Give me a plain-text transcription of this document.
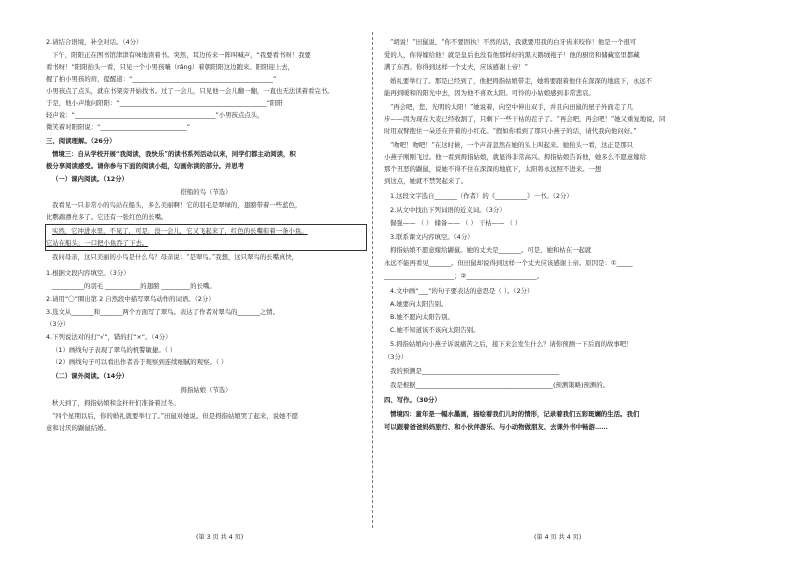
2.请结合语境，补全对话。（4分）
下午，阳阳正在图书馆津津有味地读着书。突然，耳边传来一阵叫喊声，“我要看书呀！我要
看书呀！”阳阳抬头一看，只见一个小男孩嚷（rǎng）着朝阳阳这边跑来。阳阳迎上去，
握了拍小男孩的肩，提醒道：“____________________________________________”
小男孩点了点头，就在书架旁开始找书。过了一会儿，只见他一会儿翻一翻，一直也无法读着看完书。
于是，他小声地问阳阳：“______________________________________________”阳阳
轻声说：“____________________________________________”小男孩点点头，
微笑着对阳阳说：“___________________________”
三、阅读理解。（26分）
情境三：自从学校开展“我阅读，我快乐”的读书系列活动以来，同学们都主动阅读，积
极分享阅读感受。请你参与下面的阅读小组，勾画你读的部分。并思考
（一）课内阅读。（12分）
搭船的鸟（节选）
我看见一只非常小的鸟站在船头，多么美丽啊！它的羽毛是翠绿的，翅膀带着一些蓝色，
比鹦鹉漂亮多了。它还有一张红色的长嘴。
实然，它冲进水里，不见了，可是，没一会儿，它又飞起来了，红色的长嘴衔着一条小鱼。
它站在船头，一口把小鱼吞了下去。
我问母亲，这只美丽的小鸟是什么鸟？母亲说：“是翠鸟。”我想，这只翠鸟的长嘴真快，
1.根据文段内容填空。（3分）
__________的羽毛 ___________的翅膀 _________的长嘴。
2.请用“〇”圈出第 2 自然段中描写翠鸟动作的词语。（2分）
3.选文从_______和_______两个方面写了翠鸟。表达了作者对翠鸟的_______之情。
（3分）
4.下列说法对的打“√”，错的打“×”。（4分）
（1）画线句子表现了翠鸟的机警敏捷。（ ）
（2）画线句子可以看出作者善于观察到连续细腻的观察。（ ）
（二）课外阅读。（14分）
拇指姑娘（节选）
秋天到了，拇指姑娘和金秆秆们准备着过冬。
“四个星期以后，你的婚礼就要举行了。”田鼠对她说。但是拇指姑娘哭了起来，说她不愿
意和讨厌的鼹鼠结婚。
“胡说！”田鼠说，“你不要固执！不然的话，我就要用我的白牙齿来咬你！他是一个很可
爱的人，你得嫁给他！就是皇后也没有他那样好的黑天鹅绒袍子！他的厨房和储藏室里都藏
满了东西。你得到这样一个丈夫，应该感谢上帝！”
婚礼要举行了。那是已经到了，他把拇指姑娘带走，她将要跟着他住在深深的地底下，永远不
能再到暖和的阳光中去，因为他不喜欢太阳。可怜的小姑娘感到非常悲哀。
“再会吧，您，光明的太阳！”她说着，向空中伸出双手，并且向田鼠的屋子外面走了几
步——因为现在大麦已经收割了，只剩下一些干枯的茬子了。“再会吧，再会吧！”她又重复地说，同
时用双臂抱住一朵还在开着的小红花。“假如你看到了那只小燕子的话，请代我向他问好。”
“吻吧！吻吧！”在这时候，一个声音忽然在她的头上叫起来。她抬头一看，这正是那只
小燕子刚刚飞过。他一看到拇指姑娘，就显得非常高兴。拇指姑娘告诉他，她多么不愿意嫁给
那个丑恶的鼹鼠，说她不得不住在深深的地底下，太阳将永远照不进来。一想
到这点，她就不禁哭起来了。
1.这段文字选自_______（作者）的《__________》一书。（2分）
2.从文中找出下列词语的近义词。（3分）
倔强—— （ ） 储备—— （ ） 干枯—— （ ）
3.联系课文内容填空。（4分）
拇指姑娘不愿意嫁给鼹鼠。她的丈夫是_______。可是，她和枯在一起就
永远不能再看见_______。但田鼠却说得到这样一个丈夫应该感谢上帝。原因是：①_____
______________________；②______________________。
4.文中画“___”的句子要表达的意思是（ ）。（2分）
A.她要向太阳告别。
B.她不愿向太阳告别。
C.她不知道该不该向太阳告别。
5.拇指姑娘向小燕子诉说痛苦之后，接下来会发生什么？请你预测一下后面的故事吧！
（3分）
我的预测是___________________________________________
我是根据___________________________________________(预测策略)预测的。
四、写作。（30分）
情境四：童年是一幅水墨画，描绘着我们儿时的情形，记录着我们五彩斑斓的生活。我们
可以跟着爸爸妈妈旅行、和小伙伴游乐、与小动物做朋友、去课外书中畅游……
(第 3 页 共 4 页)	(第 4 页 共 4 页)
